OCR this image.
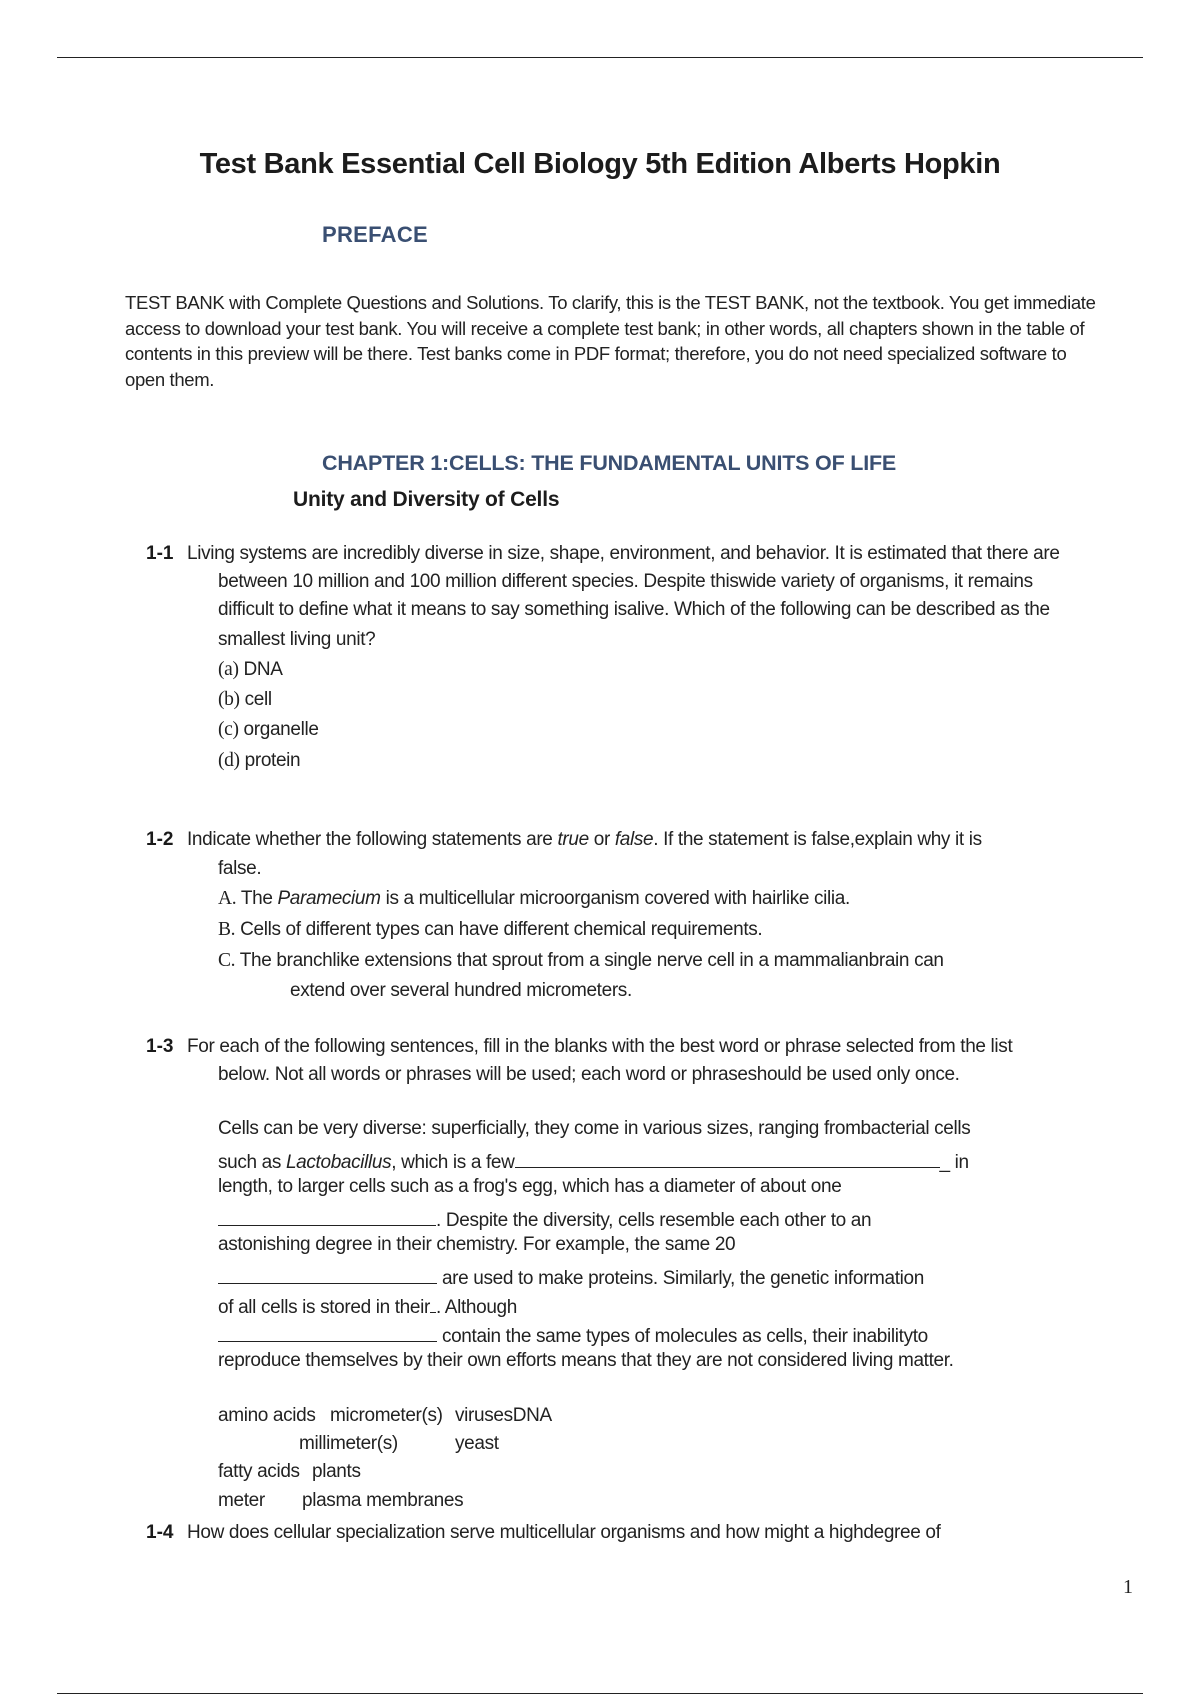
Test Bank Essential Cell Biology 5th Edition Alberts Hopkin
PREFACE
TEST BANK with Complete Questions and Solutions. To clarify, this is the TEST BANK, not the textbook. You get immediate
access to download your test bank. You will receive a complete test bank; in other words, all chapters shown in the table of
contents in this preview will be there. Test banks come in PDF format; therefore, you do not need specialized software to
open them.
CHAPTER 1:CELLS: THE FUNDAMENTAL UNITS OF LIFE
Unity and Diversity of Cells
1-1 Living systems are incredibly diverse in size, shape, environment, and behavior. It is estimated that there are
between 10 million and 100 million different species. Despite thiswide variety of organisms, it remains
difficult to define what it means to say something isalive. Which of the following can be described as the
smallest living unit?
(a) DNA
(b) cell
(c) organelle
(d) protein
1-2 Indicate whether the following statements are true or false. If the statement is false,explain why it is
false.
A. The Paramecium is a multicellular microorganism covered with hairlike cilia.
B. Cells of different types can have different chemical requirements.
C. The branchlike extensions that sprout from a single nerve cell in a mammalianbrain can
extend over several hundred micrometers.
1-3 For each of the following sentences, fill in the blanks with the best word or phrase selected from the list
below. Not all words or phrases will be used; each word or phraseshould be used only once.
Cells can be very diverse: superficially, they come in various sizes, ranging frombacterial cells
such as Lactobacillus, which is a few	_ in
length, to larger cells such as a frog's egg, which has a diameter of about one
. Despite the diversity, cells resemble each other to an
astonishing degree in their chemistry. For example, the same 20
are used to make proteins. Similarly, the genetic information
of all cells is stored in their . Although
contain the same types of molecules as cells, their inabilityto
reproduce themselves by their own efforts means that they are not considered living matter.
amino acids micrometer(s) virusesDNA
millimeter(s)	yeast
fatty acids plants
meter plasma membranes
1-4 How does cellular specialization serve multicellular organisms and how might a highdegree of
1
